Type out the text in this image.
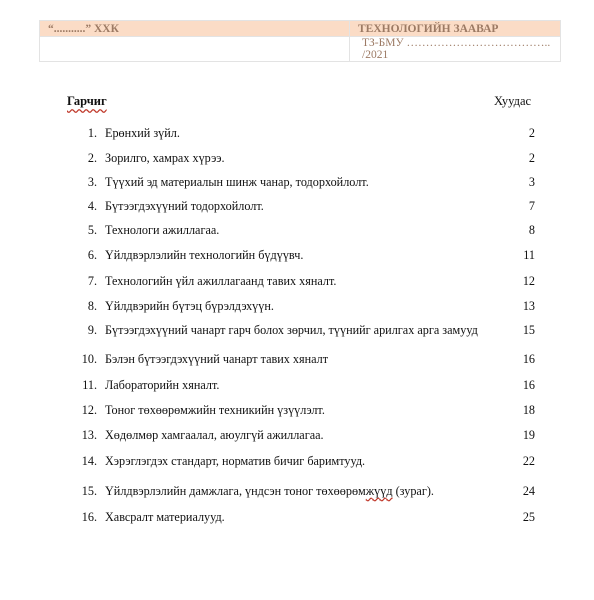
“...........” ХХК	ТЕХНОЛОГИЙН ЗААВАР
	ТЗ-БМУ ……………………………….. /2021
Гарчиг	Хуудас
1. Ерөнхий зүйл.	2
2. Зорилго, хамрах хүрээ.	2
3. Түүхий эд материалын шинж чанар, тодорхойлолт.	3
4. Бүтээгдэхүүний тодорхойлолт.	7
5. Технологи ажиллагаа.	8
6. Үйлдвэрлэлийн технологийн бүдүүвч.	11
7. Технологийн үйл ажиллагаанд тавих хяналт.	12
8. Үйлдвэрийн бүтэц бүрэлдэхүүн.	13
9. Бүтээгдэхүүний чанарт гарч болох зөрчил, түүнийг арилгах арга замууд	15
10. Бэлэн бүтээгдэхүүний чанарт тавих хяналт	16
11. Лабораторийн хяналт.	16
12. Тоног төхөөрөмжийн техникийн үзүүлэлт.	18
13. Хөдөлмөр хамгаалал, аюулгүй ажиллагаа.	19
14. Хэрэглэгдэх стандарт, норматив бичиг баримтууд.	22
15. Үйлдвэрлэлийн дамжлага, үндсэн тоног төхөөрөмжүүд (зураг).	24
16. Хавсралт материалууд.	25
